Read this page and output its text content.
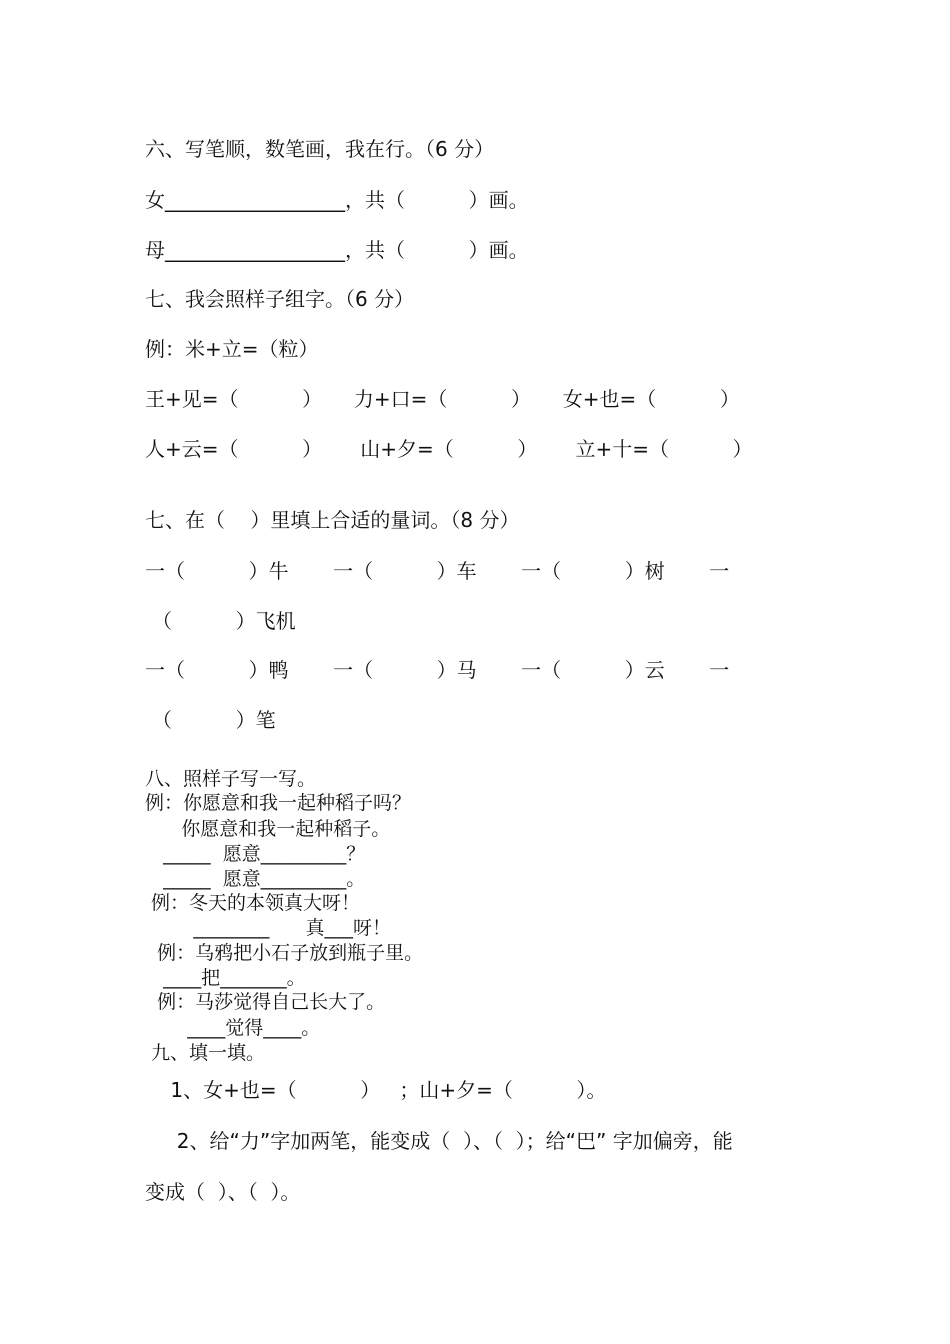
六、写笔顺，数笔画，我在行。（6 分）
女__________________，共（          ）画。
母__________________，共（          ）画。
七、我会照样子组字。（6 分）
例：米+立=（粒）
王+见=（          ）     力+口=（          ）     女+也=（          ）
人+云=（          ）      山+夕=（          ）      立+十=（          ）
七、在（    ）里填上合适的量词。（8 分）
一（          ）牛       一（          ）车       一（          ）树       一
（          ）飞机
一（          ）鸭       一（          ）马       一（          ）云       一
（          ）笔
八、照样子写一写。
例：你愿意和我一起种稻子吗？
你愿意和我一起种稻子。
_____  愿意_________？
_____  愿意_________。
例：冬天的本领真大呀！
________      真___呀！
例：乌鸦把小石子放到瓶子里。
____把_______。
例：马莎觉得自己长大了。
____觉得____。
九、填一填。
1、女+也=（          ）   ；山+夕=（          ）。
2、给“力”字加两笔，能变成（  ）、（  ）；给“巴” 字加偏旁，能
变成（  ）、（  ）。
